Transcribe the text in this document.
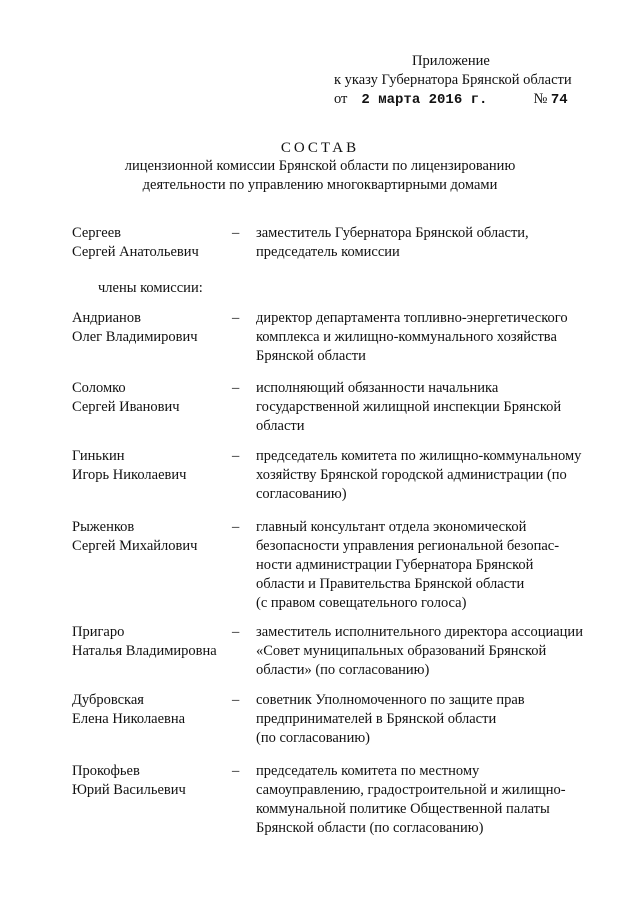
Приложение
к указу Губернатора Брянской области
от 2 марта 2016 г.	№ 74
СОСТАВ
лицензионной комиссии Брянской области по лицензированию деятельности по управлению многоквартирными домами
Сергеев
Сергей Анатольевич
– заместитель Губернатора Брянской области,
председатель комиссии
члены комиссии:
Андрианов
Олег Владимирович
– директор департамента топливно-энергетического
комплекса и жилищно-коммунального хозяйства
Брянской области
Соломко
Сергей Иванович
– исполняющий обязанности начальника
государственной жилищной инспекции Брянской
области
Гинькин
Игорь Николаевич
– председатель комитета по жилищно-коммунальному
хозяйству Брянской городской администрации (по
согласованию)
Рыженков
Сергей Михайлович
– главный консультант отдела экономической
безопасности управления региональной безопас-
ности администрации Губернатора Брянской
области и Правительства Брянской области
(с правом совещательного голоса)
Пригаро
Наталья Владимировна
– заместитель исполнительного директора ассоциации
«Совет муниципальных образований Брянской
области» (по согласованию)
Дубровская
Елена Николаевна
– советник Уполномоченного по защите прав
предпринимателей в Брянской области
(по согласованию)
Прокофьев
Юрий Васильевич
– председатель комитета по местному
самоуправлению, градостроительной и жилищно-
коммунальной политике Общественной палаты
Брянской области (по согласованию)
